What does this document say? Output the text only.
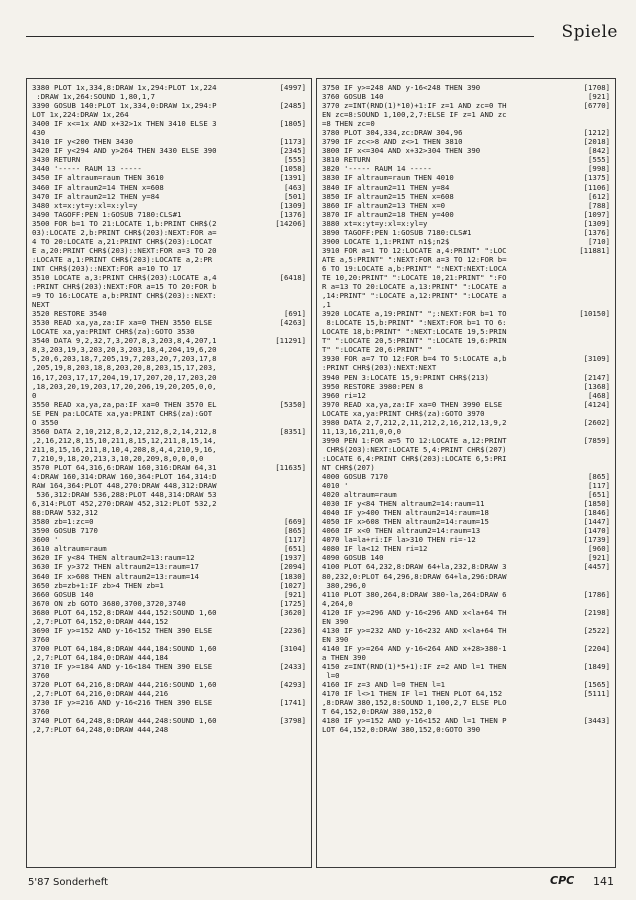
Spiele
3380 PLOT 1x,334,8:DRAW 1x,294:PLOT 1x,224	[4997]
:DRAW 1x,264:SOUND 1,80,1,7
3390 GOSUB 140:PLOT 1x,334,0:DRAW 1x,294:P	[2485]
LOT 1x,224:DRAW 1x,264
3400 IF x<=1x AND x+32>1x THEN 3410 ELSE 3	[1805]
430
3410 IF y<200 THEN 3430	[1173]
3420 IF y<294 AND y>264 THEN 3430 ELSE 390	[2345]
3430 RETURN	[555]
3440 '----- RAUM 13 -----	[1058]
3450 IF altraum=raum THEN 3610	[1391]
3460 IF altraum2=14 THEN x=608	[463]
3470 IF altraum2=12 THEN y=84	[501]
3480 xt=x:yt=y:xl=x:yl=y	[1309]
3490 TAGOFF:PEN 1:GOSUB 7180:CLS#1	[1376]
3500 FOR b=1 TO 21:LOCATE 1,b:PRINT CHR$(2	[14206]
03):LOCATE 2,b:PRINT CHR$(203):NEXT:FOR a=
4 TO 20:LOCATE a,21:PRINT CHR$(203):LOCAT
E a,20:PRINT CHR$(203)::NEXT:FOR a=3 TO 20
:LOCATE a,1:PRINT CHR$(203):LOCATE a,2:PR
INT CHR$(203)::NEXT:FOR a=10 TO 17
3510 LOCATE a,3:PRINT CHR$(203):LOCATE a,4	[6418]
:PRINT CHR$(203):NEXT:FOR a=15 TO 20:FOR b
=9 TO 16:LOCATE a,b:PRINT CHR$(203)::NEXT:
NEXT
3520 RESTORE 3540	[691]
3530 READ xa,ya,za:IF xa=0 THEN 3550 ELSE	[4263]
LOCATE xa,ya:PRINT CHR$(za):GOTO 3530
3540 DATA 9,2,32,7,3,207,8,3,203,8,4,207,1	[11291]
8,3,203,19,3,203,20,3,203,18,4,204,19,6,20
5,20,6,203,18,7,205,19,7,203,20,7,203,17,8
,205,19,8,203,18,8,203,20,8,203,15,17,203,
16,17,203,17,17,204,19,17,207,20,17,203,20
,18,203,20,19,203,17,20,206,19,20,205,0,0,
0
3550 READ xa,ya,za,pa:IF xa=0 THEN 3570 EL	[5350]
SE PEN pa:LOCATE xa,ya:PRINT CHR$(za):GOT
O 3550
3560 DATA 2,10,212,8,2,12,212,8,2,14,212,8	[8351]
,2,16,212,8,15,10,211,8,15,12,211,8,15,14,
211,8,15,16,211,8,10,4,208,8,4,4,210,9,16,
7,210,9,18,20,213,3,10,20,209,8,0,0,0,0
3570 PLOT 64,316,6:DRAW 160,316:DRAW 64,31	[11635]
4:DRAW 160,314:DRAW 160,364:PLOT 164,314:D
RAW 164,364:PLOT 448,270:DRAW 448,312:DRAW
536,312:DRAW 536,288:PLOT 448,314:DRAW 53
6,314:PLOT 452,270:DRAW 452,312:PLOT 532,2
88:DRAW 532,312
3580 zb=1:zc=0	[669]
3590 GOSUB 7170	[865]
3600 '	[117]
3610 altraum=raum	[651]
3620 IF y<84 THEN altraum2=13:raum=12	[1937]
3630 IF y>372 THEN altraum2=13:raum=17	[2094]
3640 IF x>608 THEN altraum2=13:raum=14	[1830]
3650 zb=zb+1:IF zb>4 THEN zb=1	[1027]
3660 GOSUB 140	[921]
3670 ON zb GOTO 3680,3700,3720,3740	[1725]
3680 PLOT 64,152,8:DRAW 444,152:SOUND 1,60	[3620]
,2,7:PLOT 64,152,0:DRAW 444,152
3690 IF y>=152 AND y-16<152 THEN 390 ELSE	[2236]
3760
3700 PLOT 64,184,8:DRAW 444,184:SOUND 1,60	[3104]
,2,7:PLOT 64,184,0:DRAW 444,184
3710 IF y>=184 AND y-16<184 THEN 390 ELSE	[2433]
3760
3720 PLOT 64,216,8:DRAW 444,216:SOUND 1,60	[4293]
,2,7:PLOT 64,216,0:DRAW 444,216
3730 IF y>=216 AND y-16<216 THEN 390 ELSE	[1741]
3760
3740 PLOT 64,248,8:DRAW 444,248:SOUND 1,60	[3798]
,2,7:PLOT 64,248,0:DRAW 444,248
3750 IF y>=248 AND y-16<248 THEN 390	[1708]
3760 GOSUB 140	[921]
3770 z=INT(RND(1)*10)+1:IF z=1 AND zc=0 TH	[6770]
EN zc=8:SOUND 1,100,2,7:ELSE IF z=1 AND zc
=8 THEN zc=0
3780 PLOT 304,334,zc:DRAW 304,96	[1212]
3790 IF zc<>8 AND z<>1 THEN 3810	[2018]
3800 IF x<=304 AND x+32>304 THEN 390	[842]
3810 RETURN	[555]
3820 '----- RAUM 14 -----	[998]
3830 IF altraum=raum THEN 4010	[1375]
3840 IF altraum2=11 THEN y=84	[1106]
3850 IF altraum2=15 THEN x=608	[612]
3860 IF altraum2=13 THEN x=0	[788]
3870 IF altraum2=18 THEN y=400	[1097]
3880 xt=x:yt=y:xl=x:yl=y	[1309]
3890 TAGOFF:PEN 1:GOSUB 7180:CLS#1	[1376]
3900 LOCATE 1,1:PRINT n1$;n2$	[710]
3910 FOR a=1 TO 12:LOCATE a,4:PRINT" ":LOC	[11881]
ATE a,5:PRINT" ":NEXT:FOR a=3 TO 12:FOR b=
6 TO 19:LOCATE a,b:PRINT" ":NEXT:NEXT:LOCA
TE 10,20:PRINT" ":LOCATE 10,21:PRINT" ":FO
R a=13 TO 20:LOCATE a,13:PRINT" ":LOCATE a
,14:PRINT" ":LOCATE a,12:PRINT" ":LOCATE a
,1
3920 LOCATE a,19:PRINT" ";:NEXT:FOR b=1 TO	[10150]
8:LOCATE 15,b:PRINT" ":NEXT:FOR b=1 TO 6:
LOCATE 18,b:PRINT" ":NEXT:LOCATE 19,5:PRIN
T" ":LOCATE 20,5:PRINT" ":LOCATE 19,6:PRIN
T" ":LOCATE 20,6:PRINT" "
3930 FOR a=7 TO 12:FOR b=4 TO 5:LOCATE a,b	[3109]
:PRINT CHR$(203):NEXT:NEXT
3940 PEN 3:LOCATE 15,9:PRINT CHR$(213)	[2147]
3950 RESTORE 3980:PEN 8	[1368]
3960 ri=12	[468]
3970 READ xa,ya,za:IF xa=0 THEN 3990 ELSE	[4124]
LOCATE xa,ya:PRINT CHR$(za):GOTO 3970
3980 DATA 2,7,212,2,11,212,2,16,212,13,9,2	[2602]
11,13,16,211,0,0,0
3990 PEN 1:FOR a=5 TO 12:LOCATE a,12:PRINT	[7859]
CHR$(203):NEXT:LOCATE 5,4:PRINT CHR$(207)
:LOCATE 6,4:PRINT CHR$(203):LOCATE 6,5:PRI
NT CHR$(207)
4000 GOSUB 7170	[865]
4010 '	[117]
4020 altraum=raum	[651]
4030 IF y<84 THEN altraum2=14:raum=11	[1850]
4040 IF y>400 THEN altraum2=14:raum=18	[1846]
4050 IF x>608 THEN altraum2=14:raum=15	[1447]
4060 IF x<0 THEN altraum2=14:raum=13	[1470]
4070 la=la+ri:IF la>310 THEN ri=-12	[1739]
4080 IF la<12 THEN ri=12	[960]
4090 GOSUB 140	[921]
4100 PLOT 64,232,8:DRAW 64+la,232,8:DRAW 3	[4457]
80,232,0:PLOT 64,296,8:DRAW 64+la,296:DRAW
380,296,0
4110 PLOT 380,264,8:DRAW 380-la,264:DRAW 6	[1786]
4,264,0
4120 IF y>=296 AND y-16<296 AND x<la+64 TH	[2198]
EN 390
4130 IF y>=232 AND y-16<232 AND x<la+64 TH	[2522]
EN 390
4140 IF y>=264 AND y-16<264 AND x+28>380-1	[2204]
a THEN 390
4150 z=INT(RND(1)*5+1):IF z=2 AND l=1 THEN	[1849]
l=0
4160 IF z=3 AND l=0 THEN l=1	[1565]
4170 IF l<>1 THEN IF l=1 THEN PLOT 64,152	[5111]
,8:DRAW 380,152,8:SOUND 1,100,2,7 ELSE PLO
T 64,152,0:DRAW 380,152,0
4180 IF y>=152 AND y-16<152 AND l=1 THEN P	[3443]
LOT 64,152,0:DRAW 380,152,0:GOTO 390
5'87 Sonderheft	CPC 141
